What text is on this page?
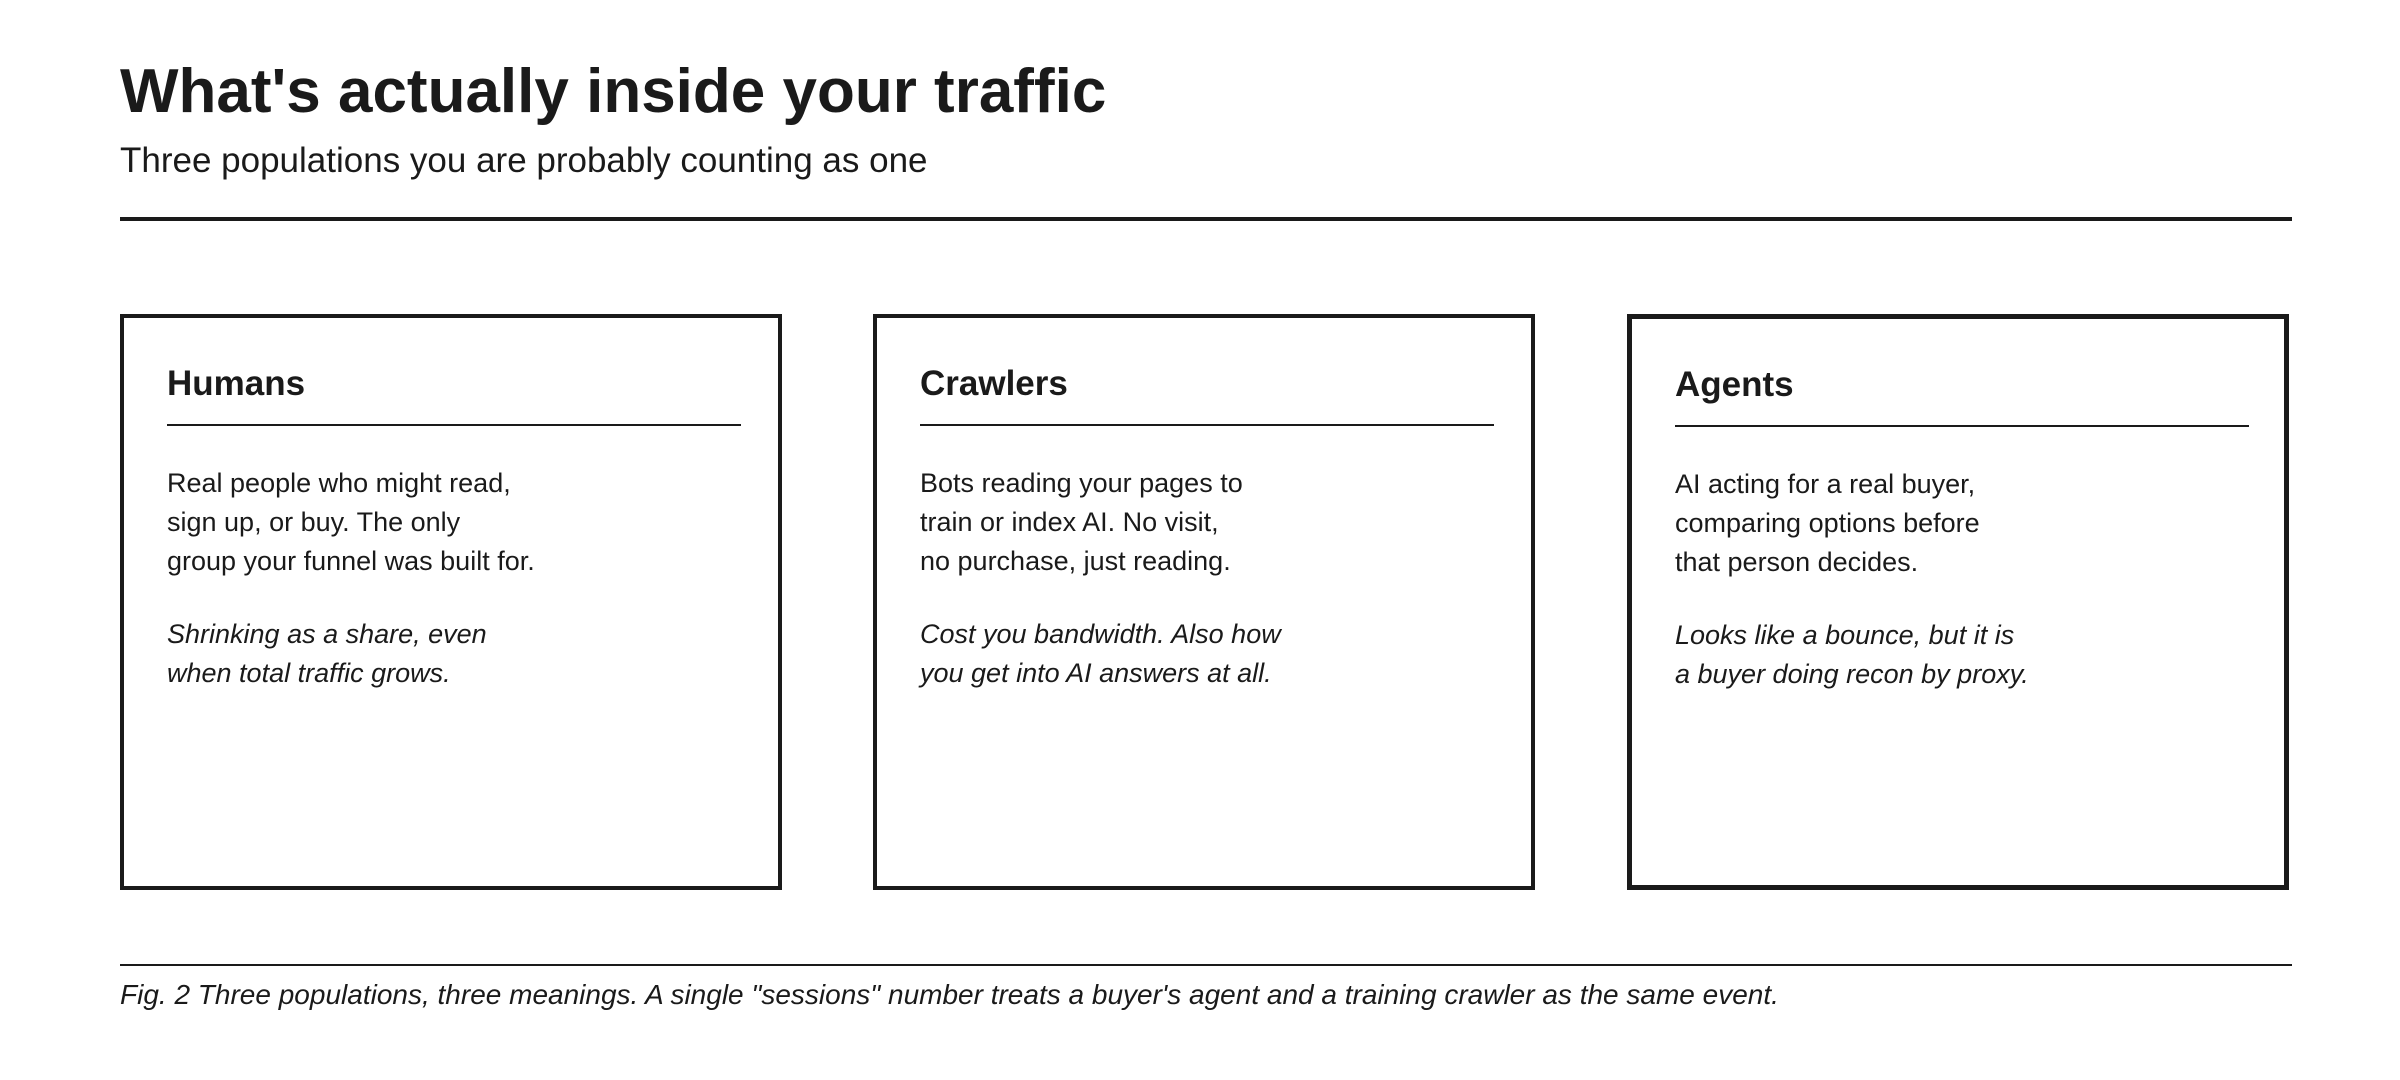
What's actually inside your traffic

Three populations you are probably counting as one

Humans

Real people who might read,
sign up, or buy. The only
group your funnel was built for.

Shrinking as a share, even
when total traffic grows.

Crawlers

Bots reading your pages to
train or index AI. No visit,
no purchase, just reading.

Cost you bandwidth. Also how
you get into AI answers at all.

Agents

AI acting for a real buyer,
comparing options before
that person decides.

Looks like a bounce, but it is
a buyer doing recon by proxy.

Fig. 2 Three populations, three meanings. A single "sessions" number treats a buyer's agent and a training crawler as the same event.
